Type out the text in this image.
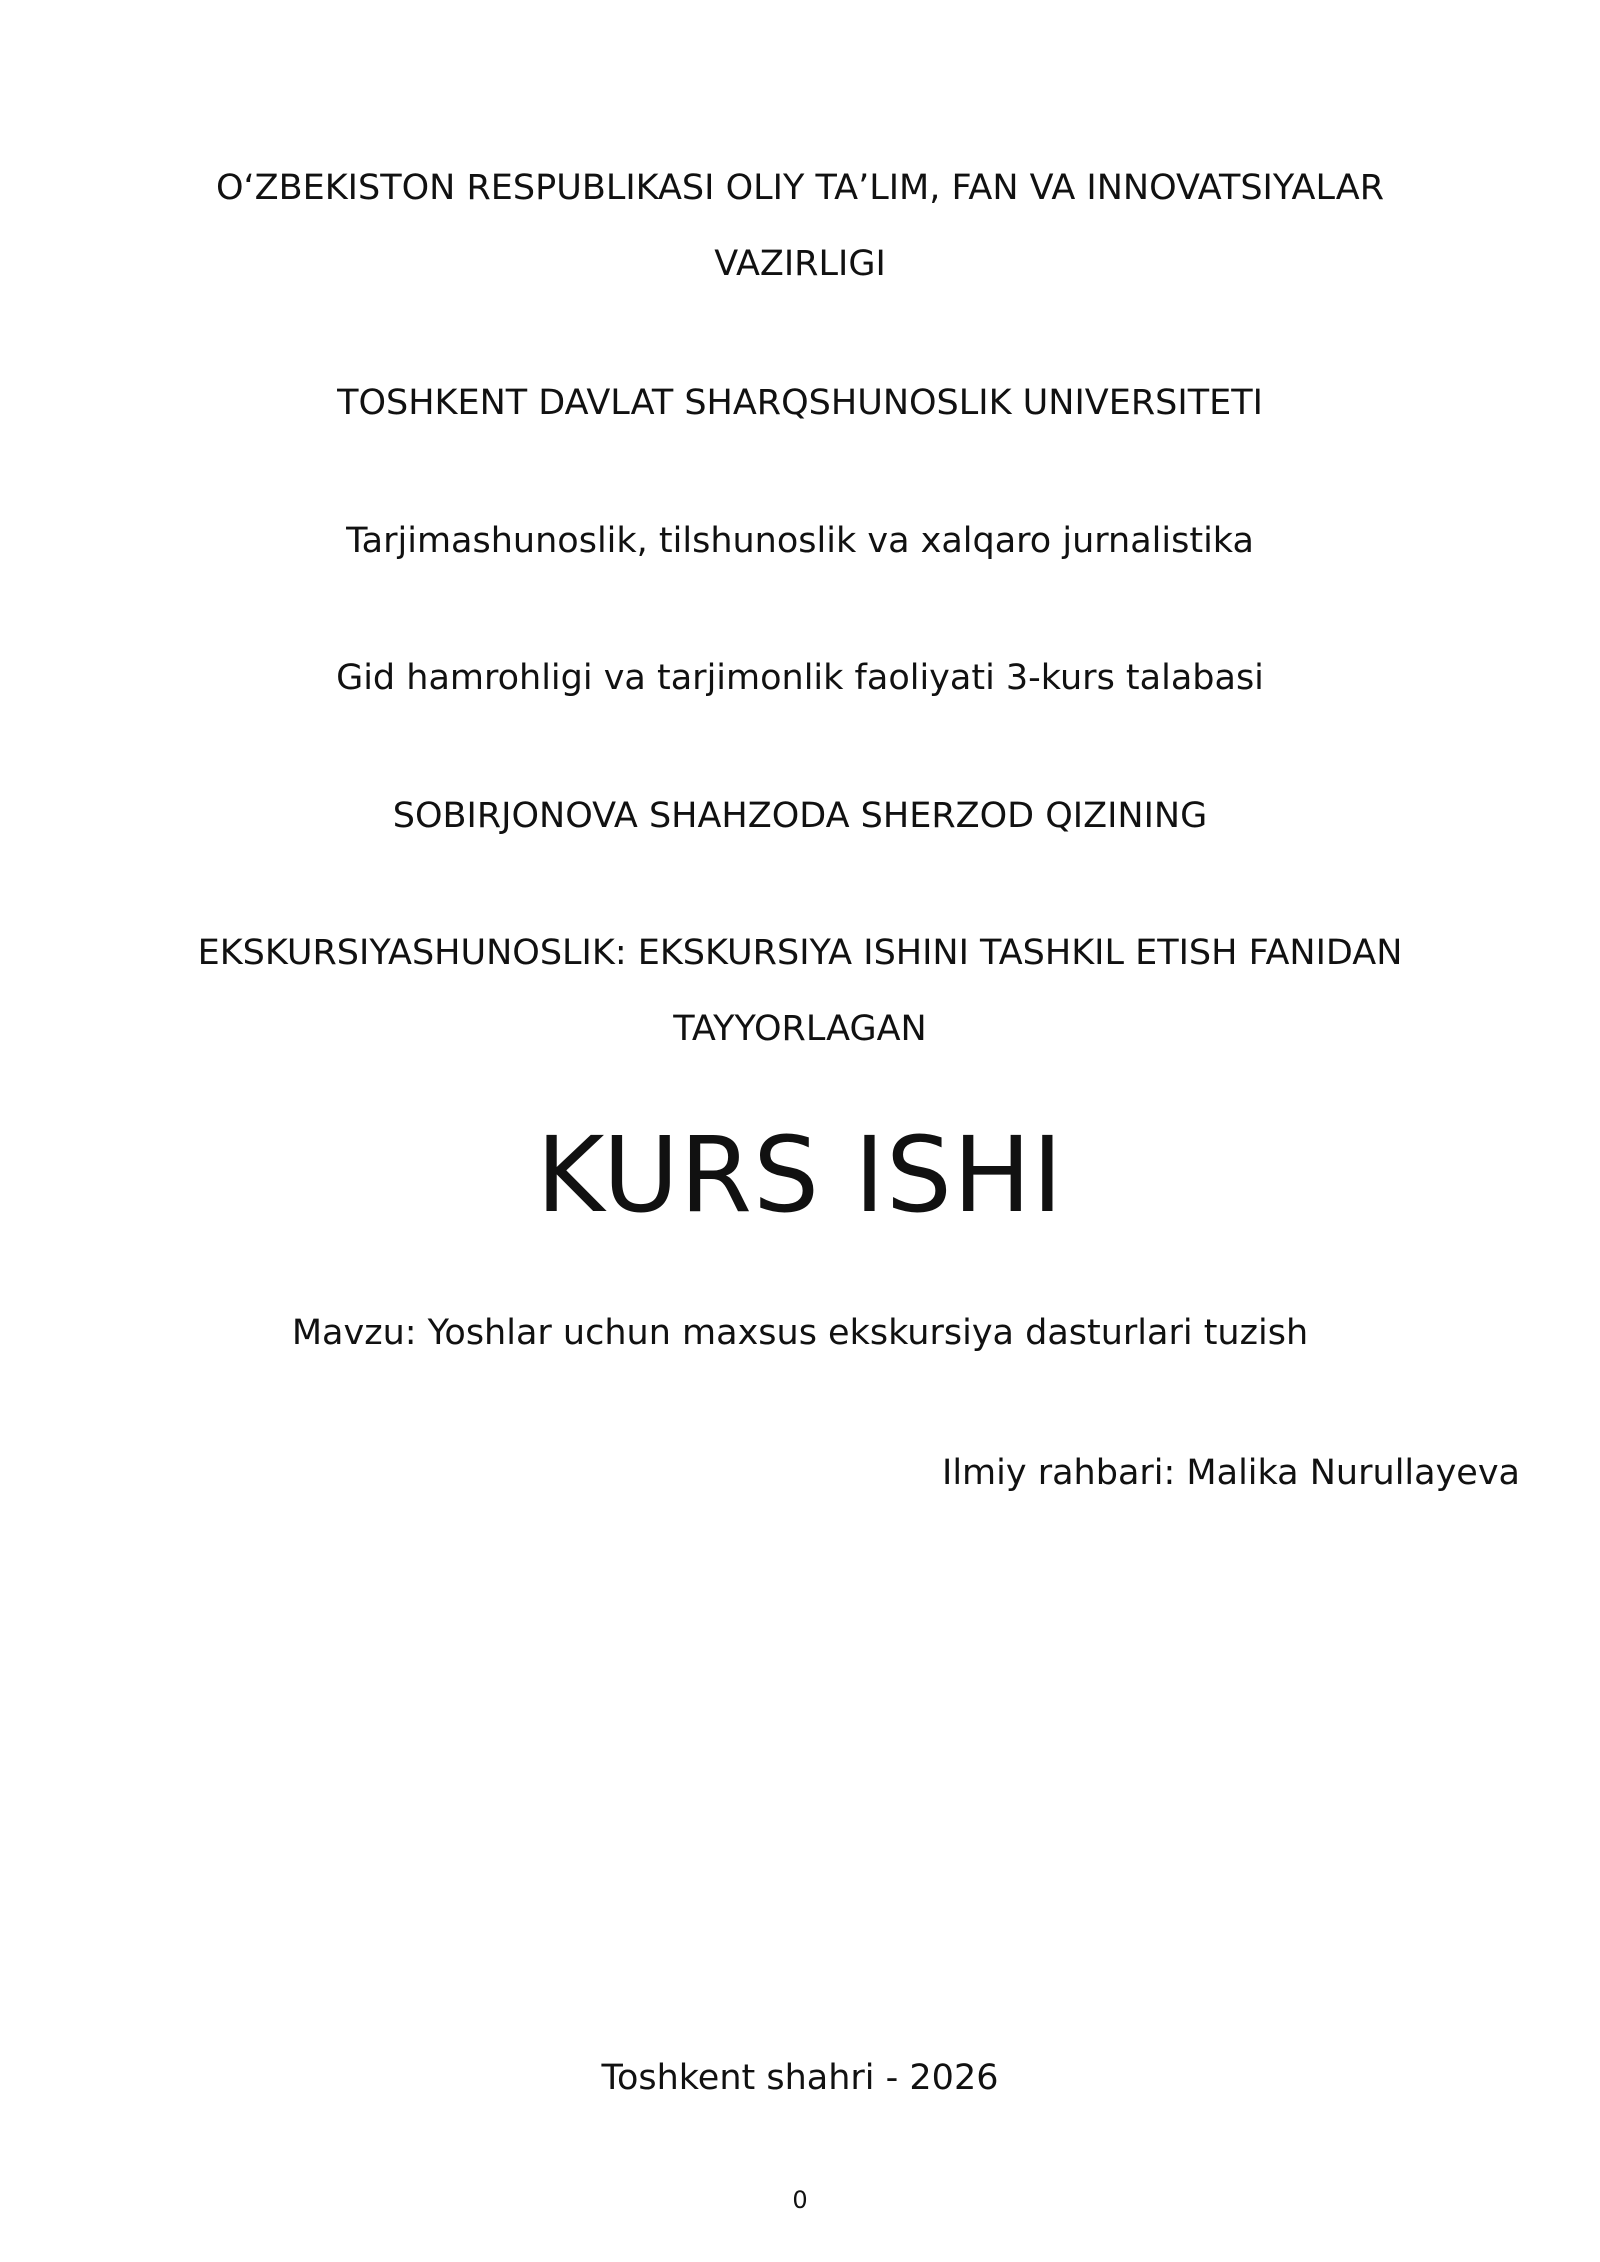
O‘ZBEKISTON RESPUBLIKASI OLIY TA’LIM, FAN VA INNOVATSIYALAR VAZIRLIGI
TOSHKENT DAVLAT SHARQSHUNOSLIK UNIVERSITETI
Tarjimashunoslik, tilshunoslik va xalqaro jurnalistika
Gid hamrohligi va tarjimonlik faoliyati 3-kurs talabasi
SOBIRJONOVA SHAHZODA SHERZOD QIZINING
EKSKURSIYASHUNOSLIK: EKSKURSIYA ISHINI TASHKIL ETISH FANIDAN TAYYORLAGAN
KURS ISHI
Mavzu: Yoshlar uchun maxsus ekskursiya dasturlari tuzish
Ilmiy rahbari: Malika Nurullayeva
Toshkent shahri - 2026
0
